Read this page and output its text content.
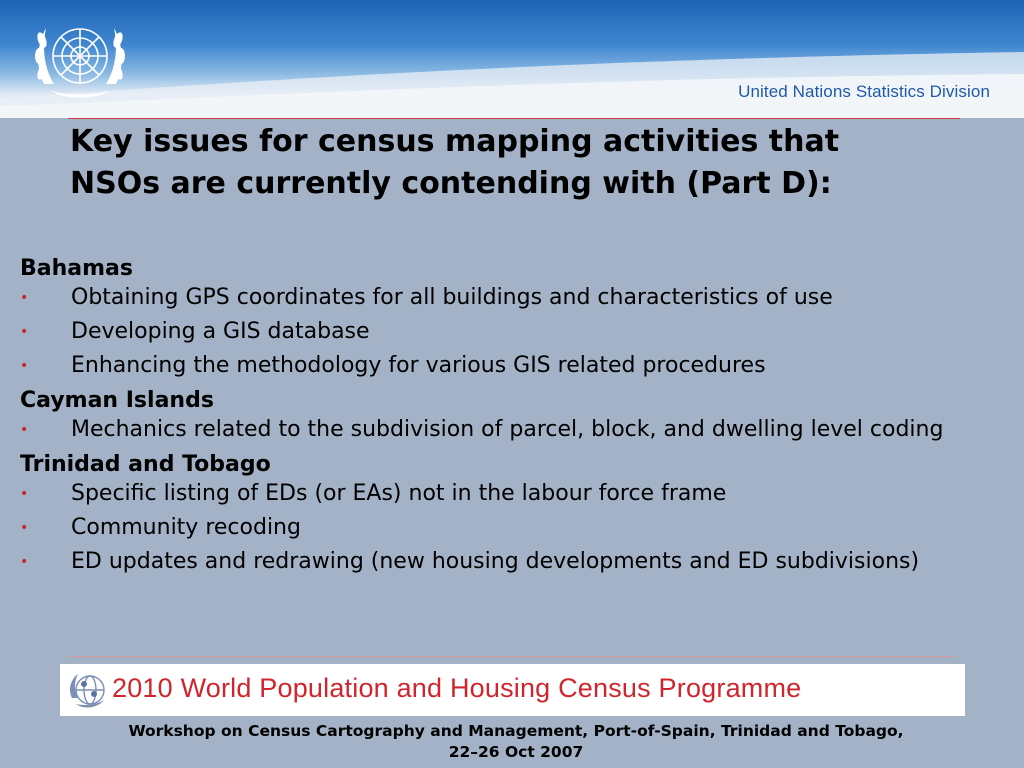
United Nations Statistics Division
Key issues for census mapping activities that
NSOs are currently contending with (Part D):
Bahamas
• Obtaining GPS coordinates for all buildings and characteristics of use
• Developing a GIS database
• Enhancing the methodology for various GIS related procedures
Cayman Islands
• Mechanics related to the subdivision of parcel, block, and dwelling level coding
Trinidad and Tobago
• Specific listing of EDs (or EAs) not in the labour force frame
• Community recoding
• ED updates and redrawing (new housing developments and ED subdivisions)
2010 World Population and Housing Census Programme
Workshop on Census Cartography and Management, Port-of-Spain, Trinidad and Tobago,
22–26 Oct 2007
